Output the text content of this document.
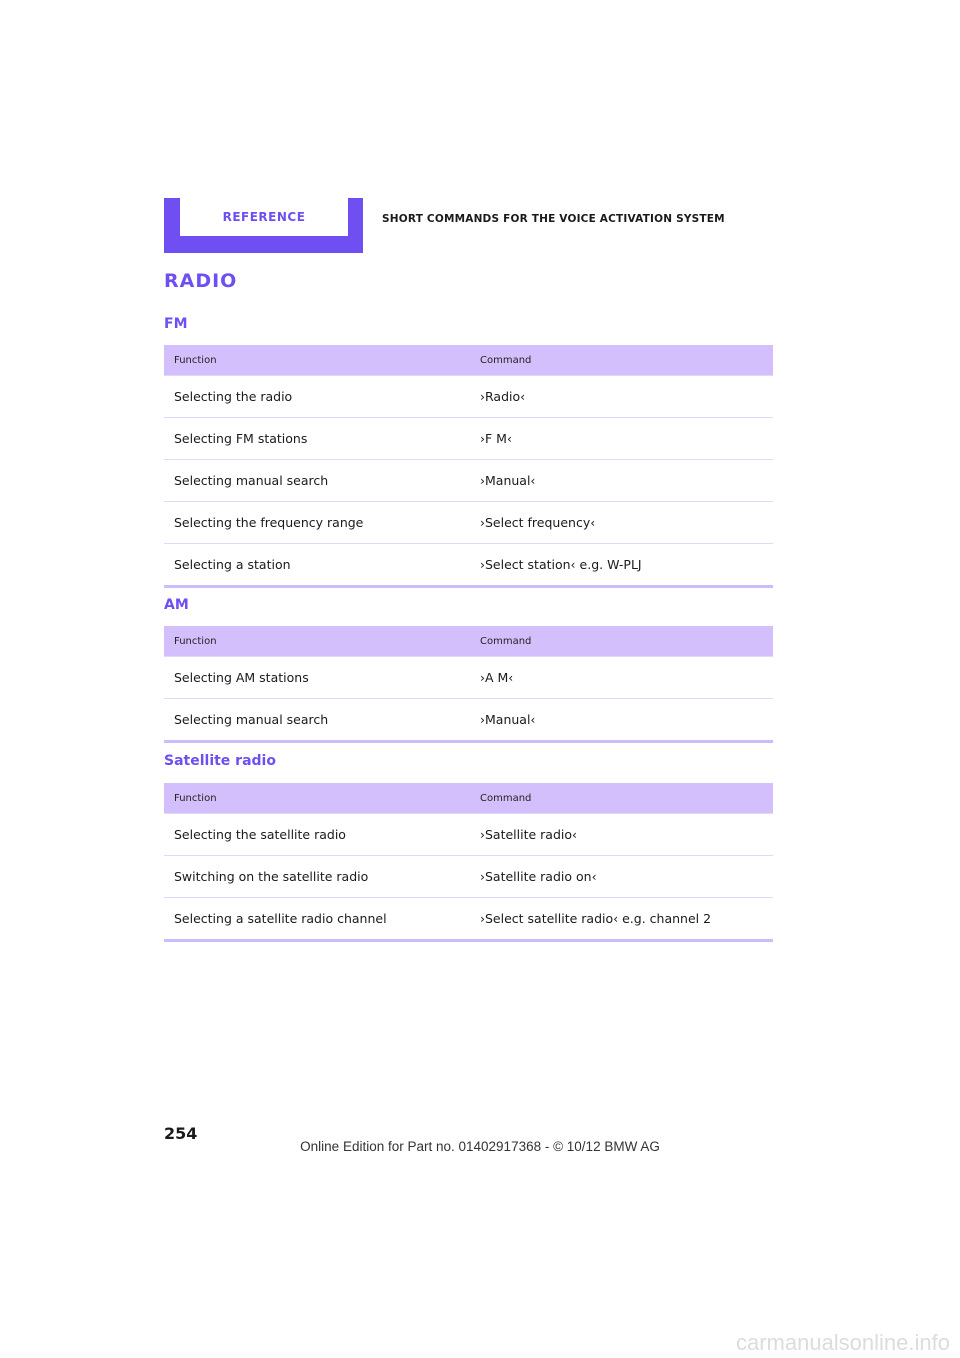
REFERENCE	SHORT COMMANDS FOR THE VOICE ACTIVATION SYSTEM
RADIO
FM
Function	Command
Selecting the radio	›Radio‹
Selecting FM stations	›F M‹
Selecting manual search	›Manual‹
Selecting the frequency range	›Select frequency‹
Selecting a station	›Select station‹ e.g. W-PLJ
AM
Function	Command
Selecting AM stations	›A M‹
Selecting manual search	›Manual‹
Satellite radio
Function	Command
Selecting the satellite radio	›Satellite radio‹
Switching on the satellite radio	›Satellite radio on‹
Selecting a satellite radio channel	›Select satellite radio‹ e.g. channel 2
254
Online Edition for Part no. 01402917368 - © 10/12 BMW AG
carmanualsonline.info
